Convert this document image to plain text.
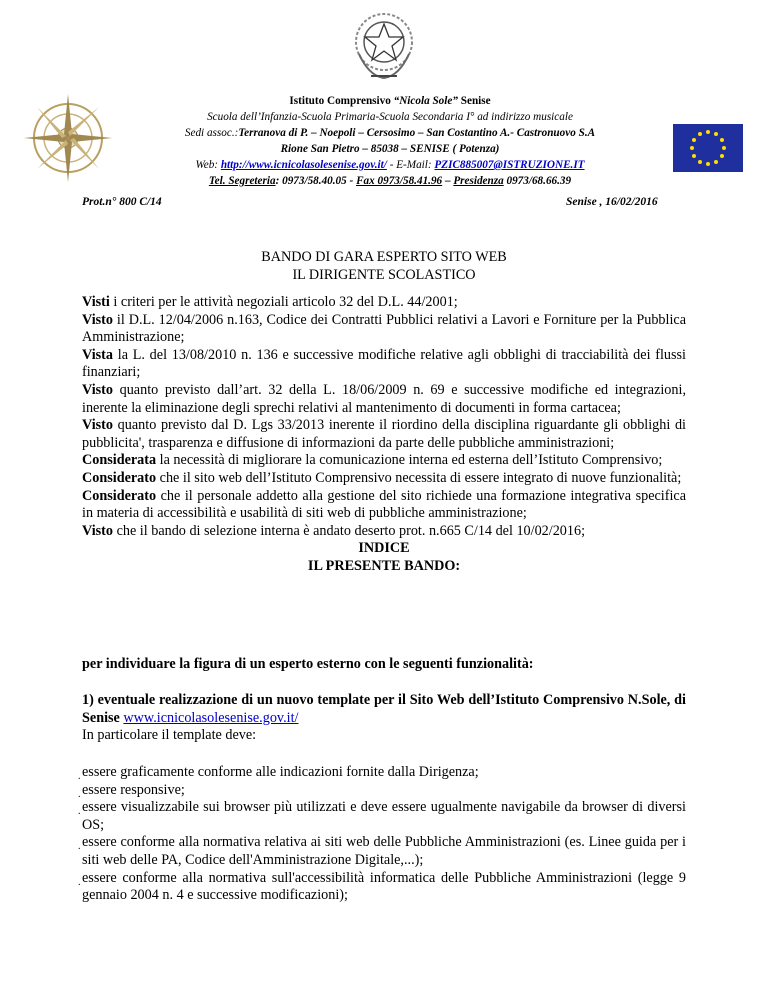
Istituto Comprensivo “Nicola Sole” Senise
Scuola dell’Infanzia-Scuola Primaria-Scuola Secondaria I° ad indirizzo musicale
Sedi assoc.:Terranova di P. – Noepoli – Cersosimo – San Costantino A.- Castronuovo S.A
Rione San Pietro – 85038 – SENISE ( Potenza)
Web: http://www.icnicolasolesenise.gov.it/ - E-Mail: PZIC885007@ISTRUZIONE.IT
Tel. Segreteria: 0973/58.40.05 - Fax 0973/58.41.96 – Presidenza 0973/68.66.39
Prot.n° 800 C/14	Senise , 16/02/2016
BANDO DI GARA ESPERTO SITO WEB
IL DIRIGENTE SCOLASTICO

Visti i criteri per le attività negoziali articolo 32 del D.L. 44/2001;

Visto il D.L. 12/04/2006 n.163, Codice dei Contratti Pubblici relativi a Lavori e Forniture per la Pubblica Amministrazione;

Vista la L. del 13/08/2010 n. 136 e successive modifiche relative agli obblighi di tracciabilità dei flussi finanziari;

Visto quanto previsto dall’art. 32 della L. 18/06/2009 n. 69 e successive modifiche ed integrazioni, inerente la eliminazione degli sprechi relativi al mantenimento di documenti in forma cartacea;

Visto quanto previsto dal D. Lgs 33/2013 inerente il riordino della disciplina riguardante gli obblighi di pubblicita', trasparenza e diffusione di informazioni da parte delle pubbliche amministrazioni;

Considerata la necessità di migliorare la comunicazione interna ed esterna dell’Istituto Comprensivo;

Considerato che il sito web dell’Istituto Comprensivo necessita di essere integrato di nuove funzionalità;

Considerato che il personale addetto alla gestione del sito richiede una formazione integrativa specifica in materia di accessibilità e usabilità di siti web di pubbliche amministrazione;

Visto che il bando di selezione interna è andato deserto prot. n.665 C/14 del 10/02/2016;

INDICE
IL PRESENTE BANDO:
per individuare la figura di un esperto esterno con le seguenti funzionalità:

1) eventuale realizzazione di un nuovo template per il Sito Web dell’Istituto Comprensivo N.Sole, di Senise www.icnicolasolesenise.gov.it/

In particolare il template deve:

. essere graficamente conforme alle indicazioni fornite dalla Dirigenza;
. essere responsive;
. essere visualizzabile sui browser più utilizzati e deve essere ugualmente navigabile da browser di diversi OS;
. essere conforme alla normativa relativa ai siti web delle Pubbliche Amministrazioni (es. Linee guida per i siti web delle PA, Codice dell'Amministrazione Digitale,...);
. essere conforme alla normativa sull'accessibilità informatica delle Pubbliche Amministrazioni (legge 9 gennaio 2004 n. 4 e successive modificazioni);
